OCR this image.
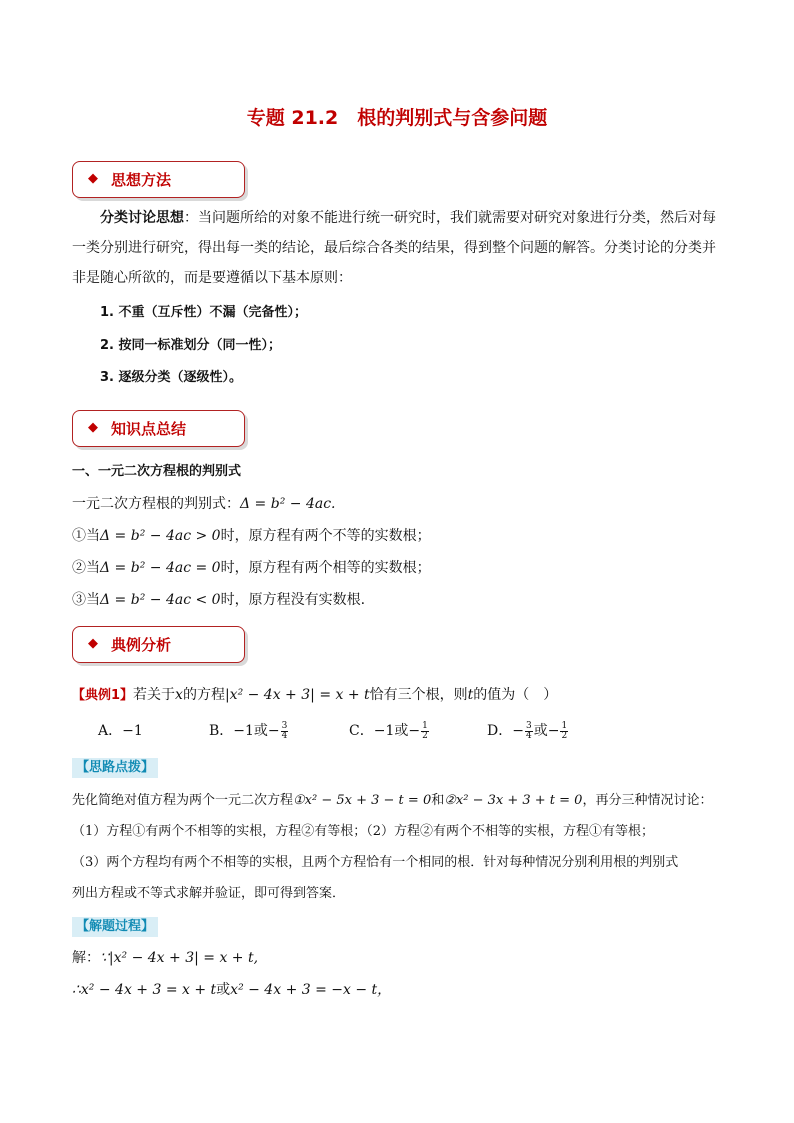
专题 21.2　根的判别式与含参问题
◆ 思想方法
分类讨论思想：当问题所给的对象不能进行统一研究时，我们就需要对研究对象进行分类，然后对每
一类分别进行研究，得出每一类的结论，最后综合各类的结果，得到整个问题的解答。分类讨论的分类并
非是随心所欲的，而是要遵循以下基本原则：
1. 不重（互斥性）不漏（完备性）；
2. 按同一标准划分（同一性）；
3. 逐级分类（逐级性）。
◆ 知识点总结
一、一元二次方程根的判别式
一元二次方程根的判别式：Δ = b² − 4ac.
①当Δ = b² − 4ac > 0时，原方程有两个不等的实数根；
②当Δ = b² − 4ac = 0时，原方程有两个相等的实数根；
③当Δ = b² − 4ac < 0时，原方程没有实数根.
◆ 典例分析
【典例1】若关于x的方程|x² − 4x + 3| = x + t恰有三个根，则t的值为（　）
A．−1	B．−1或− $\frac{3}{4}$	C．−1或− $\frac{1}{2}$	D．− $\frac{3}{4}$ 或− $\frac{1}{2}$
【思路点拨】
先化简绝对值方程为两个一元二次方程①x² − 5x + 3 − t = 0和②x² − 3x + 3 + t = 0，再分三种情况讨论：
（1）方程①有两个不相等的实根，方程②有等根；（2）方程②有两个不相等的实根，方程①有等根；
（3）两个方程均有两个不相等的实根，且两个方程恰有一个相同的根．针对每种情况分别利用根的判别式
列出方程或不等式求解并验证，即可得到答案．
【解题过程】
解：∵|x² − 4x + 3| = x + t,
∴x² − 4x + 3 = x + t或x² − 4x + 3 = −x − t，
